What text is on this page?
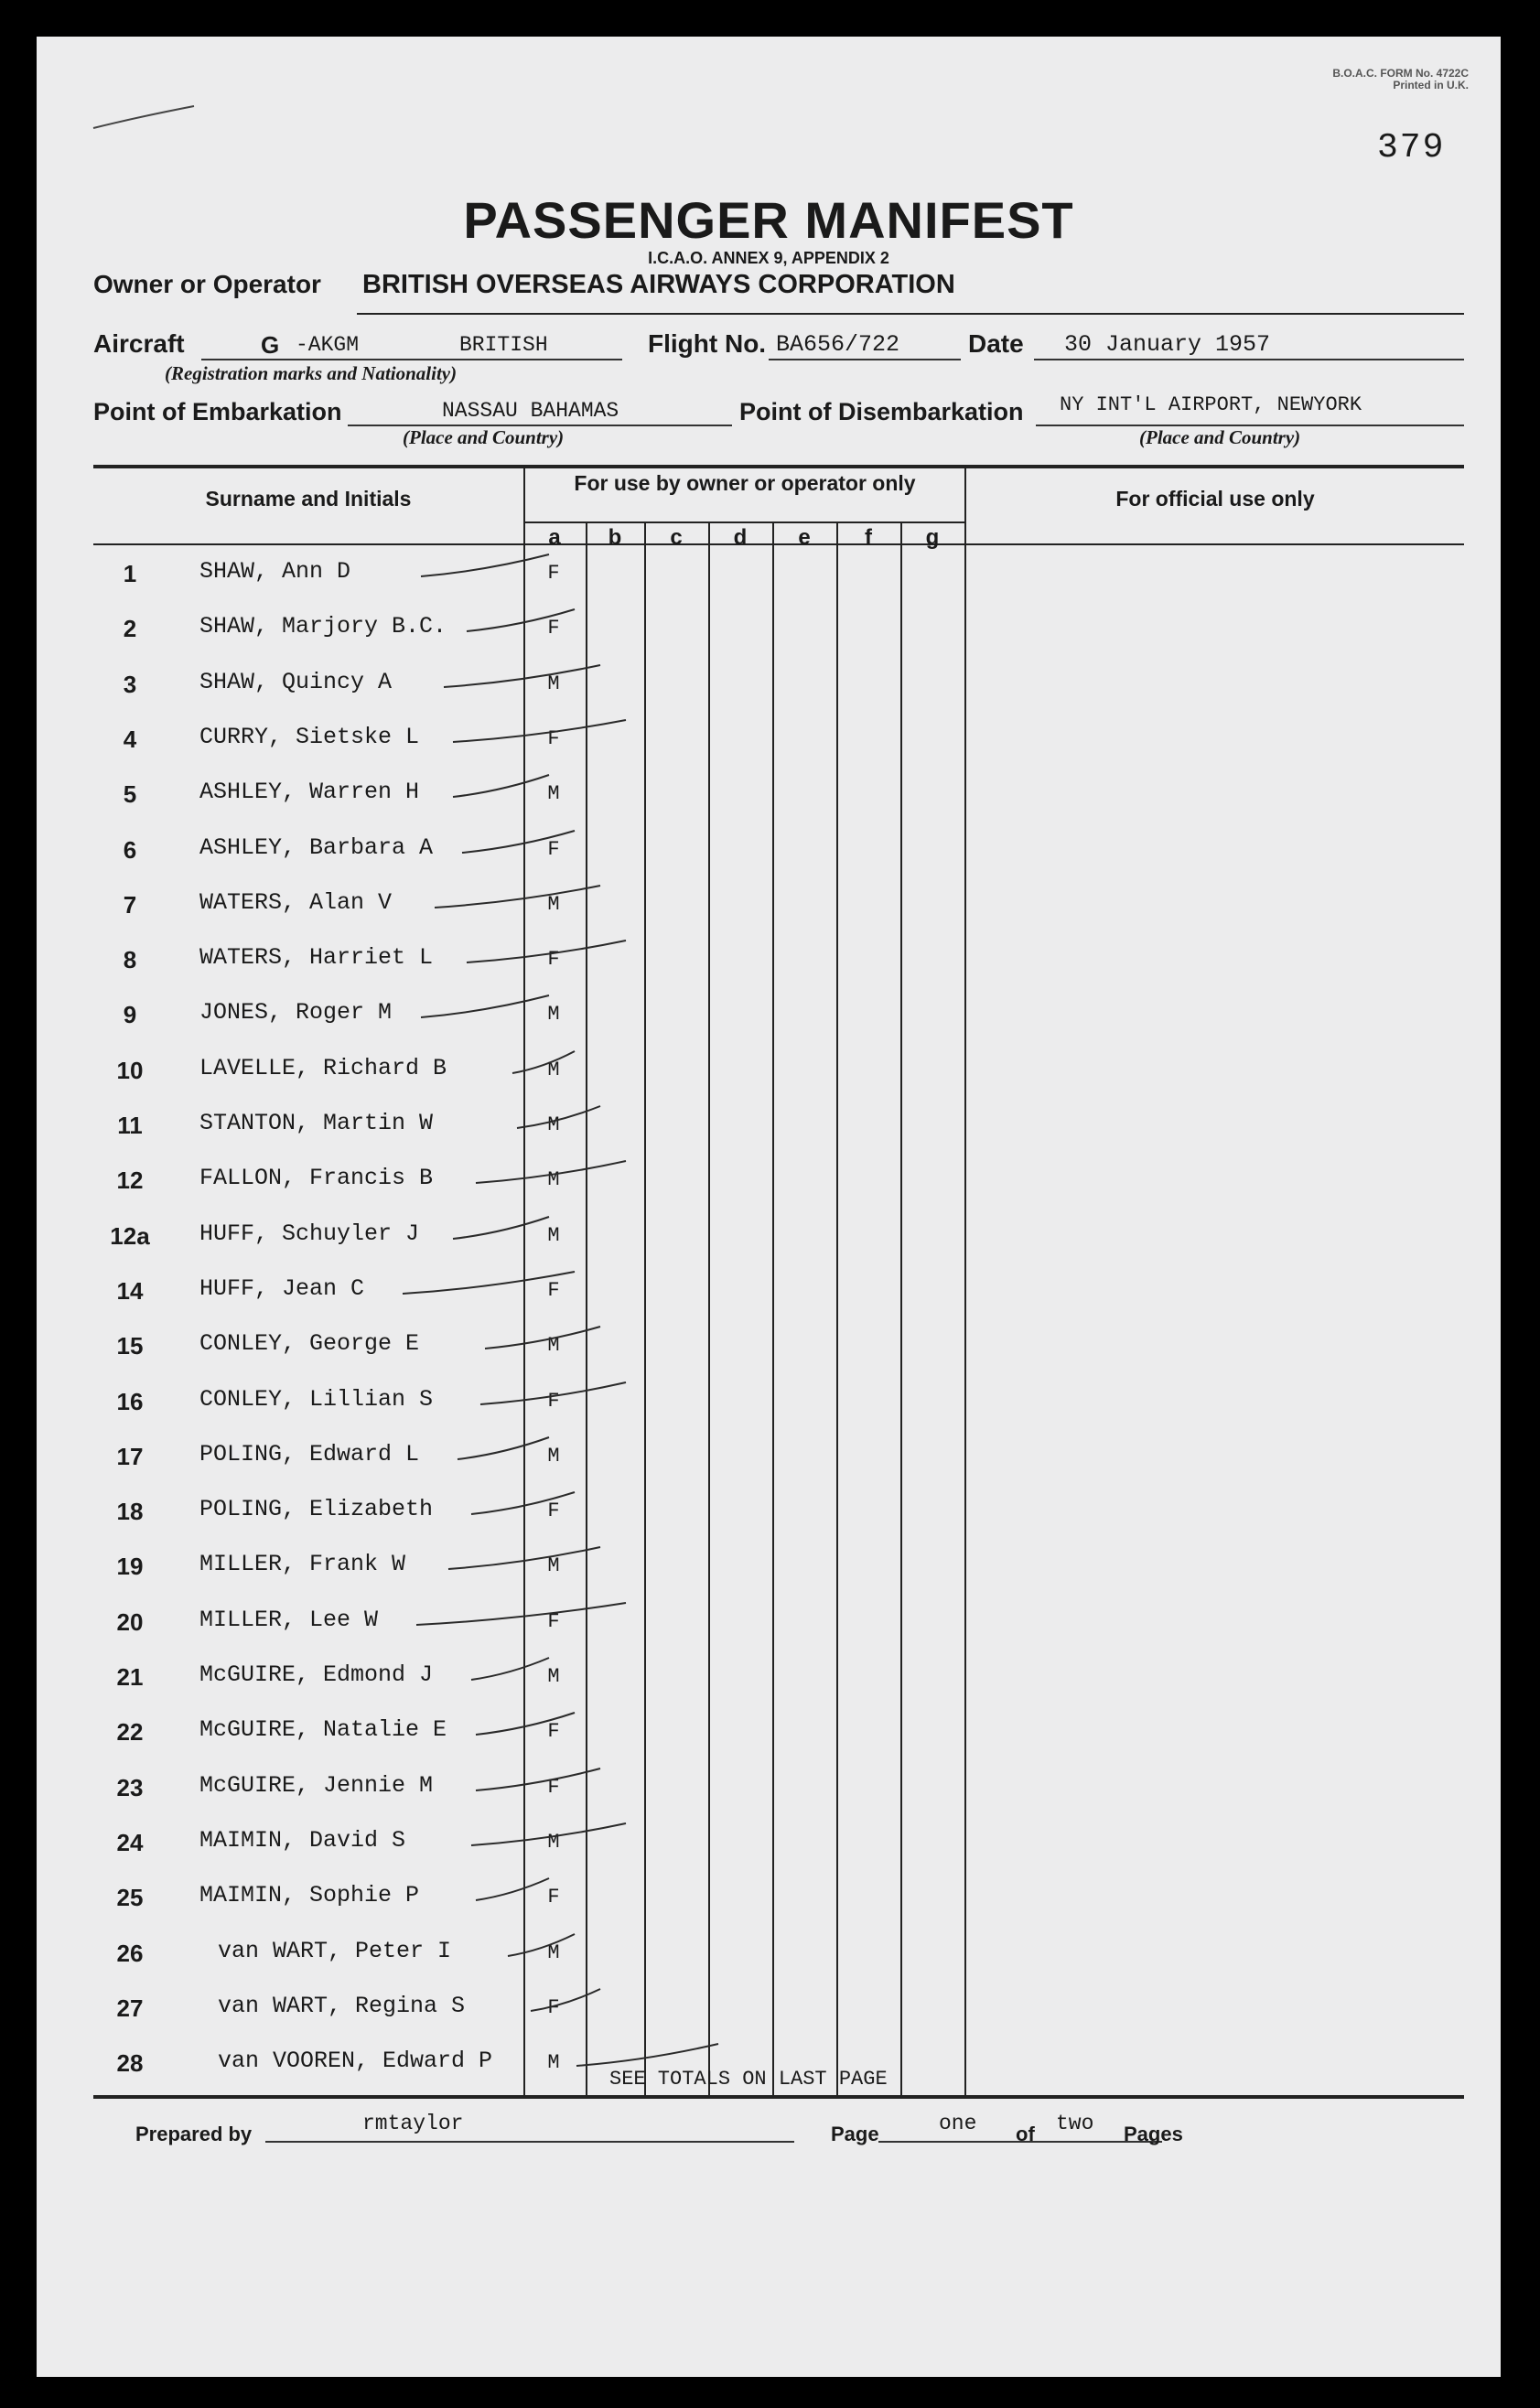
B.O.A.C. FORM No. 4722C
Printed in U.K.
379
PASSENGER MANIFEST
I.C.A.O. ANNEX 9, APPENDIX 2
Owner or Operator BRITISH OVERSEAS AIRWAYS CORPORATION
Aircraft	G -AKGM	BRITISH
(Registration marks and Nationality)
Flight No. BA656/722	Date 30 January 1957
Point of Embarkation	NASSAU BAHAMAS
(Place and Country)
Point of Disembarkation NY INT'L AIRPORT, NEWYORK
(Place and Country)
Surname and Initials
For use by owner or operator only
For official use only
a	b	c	d	e	f	g
1	SHAW, Ann D	F
2	SHAW, Marjory B.C.	F
3	SHAW, Quincy A	M
4	CURRY, Sietske L	F
5	ASHLEY, Warren H	M
6	ASHLEY, Barbara A	F
7	WATERS, Alan V	M
8	WATERS, Harriet L	F
9	JONES, Roger M	M
10	LAVELLE, Richard B	M
11	STANTON, Martin W	M
12	FALLON, Francis B	M
12a	HUFF, Schuyler J	M
14	HUFF, Jean C	F
15	CONLEY, George E	M
16	CONLEY, Lillian S	F
17	POLING, Edward L	M
18	POLING, Elizabeth	F
19	MILLER, Frank W	M
20	MILLER, Lee W	F
21	McGUIRE, Edmond J	M
22	McGUIRE, Natalie E	F
23	McGUIRE, Jennie M	F
24	MAIMIN, David S	M
25	MAIMIN, Sophie P	F
26	van WART, Peter I	M
27	van WART, Regina S	F
28	van VOOREN, Edward P	M
SEE TOTALS ON LAST PAGE
Prepared by	rmtaylor	Page	one of two Pages
